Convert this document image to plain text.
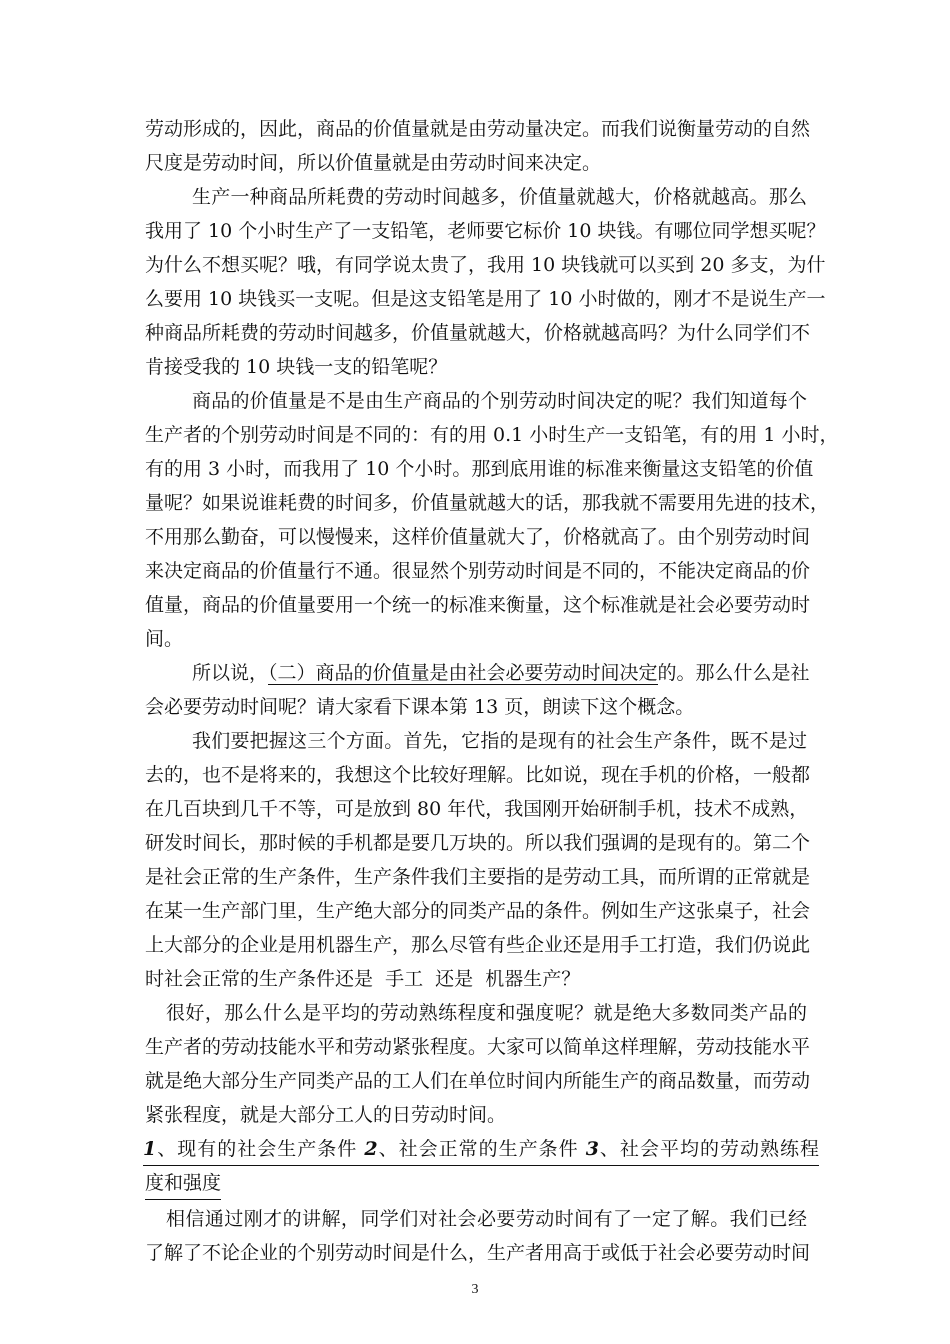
劳动形成的，因此，商品的价值量就是由劳动量决定。而我们说衡量劳动的自然
尺度是劳动时间，所以价值量就是由劳动时间来决定。
生产一种商品所耗费的劳动时间越多，价值量就越大，价格就越高。那么
我用了 10 个小时生产了一支铅笔，老师要它标价 10 块钱。有哪位同学想买呢？
为什么不想买呢？哦，有同学说太贵了，我用 10 块钱就可以买到 20 多支，为什
么要用 10 块钱买一支呢。但是这支铅笔是用了 10 小时做的，刚才不是说生产一
种商品所耗费的劳动时间越多，价值量就越大，价格就越高吗？为什么同学们不
肯接受我的 10 块钱一支的铅笔呢？
商品的价值量是不是由生产商品的个别劳动时间决定的呢？我们知道每个
生产者的个别劳动时间是不同的：有的用 0.1 小时生产一支铅笔，有的用 1 小时，
有的用 3 小时，而我用了 10 个小时。那到底用谁的标准来衡量这支铅笔的价值
量呢？如果说谁耗费的时间多，价值量就越大的话，那我就不需要用先进的技术，
不用那么勤奋，可以慢慢来，这样价值量就大了，价格就高了。由个别劳动时间
来决定商品的价值量行不通。很显然个别劳动时间是不同的，不能决定商品的价
值量，商品的价值量要用一个统一的标准来衡量，这个标准就是社会必要劳动时
间。
所以说，（二）商品的价值量是由社会必要劳动时间决定的。那么什么是社
会必要劳动时间呢？请大家看下课本第 13 页，朗读下这个概念。
我们要把握这三个方面。首先，它指的是现有的社会生产条件，既不是过
去的，也不是将来的，我想这个比较好理解。比如说，现在手机的价格，一般都
在几百块到几千不等，可是放到 80 年代，我国刚开始研制手机，技术不成熟，
研发时间长，那时候的手机都是要几万块的。所以我们强调的是现有的。第二个
是社会正常的生产条件，生产条件我们主要指的是劳动工具，而所谓的正常就是
在某一生产部门里，生产绝大部分的同类产品的条件。例如生产这张桌子，社会
上大部分的企业是用机器生产，那么尽管有些企业还是用手工打造，我们仍说此
时社会正常的生产条件还是  手工  还是  机器生产？
很好，那么什么是平均的劳动熟练程度和强度呢？就是绝大多数同类产品的
生产者的劳动技能水平和劳动紧张程度。大家可以简单这样理解，劳动技能水平
就是绝大部分生产同类产品的工人们在单位时间内所能生产的商品数量，而劳动
紧张程度，就是大部分工人的日劳动时间。
1、现有的社会生产条件 2、社会正常的生产条件 3、社会平均的劳动熟练程
度和强度
相信通过刚才的讲解，同学们对社会必要劳动时间有了一定了解。我们已经
了解了不论企业的个别劳动时间是什么，生产者用高于或低于社会必要劳动时间
3
